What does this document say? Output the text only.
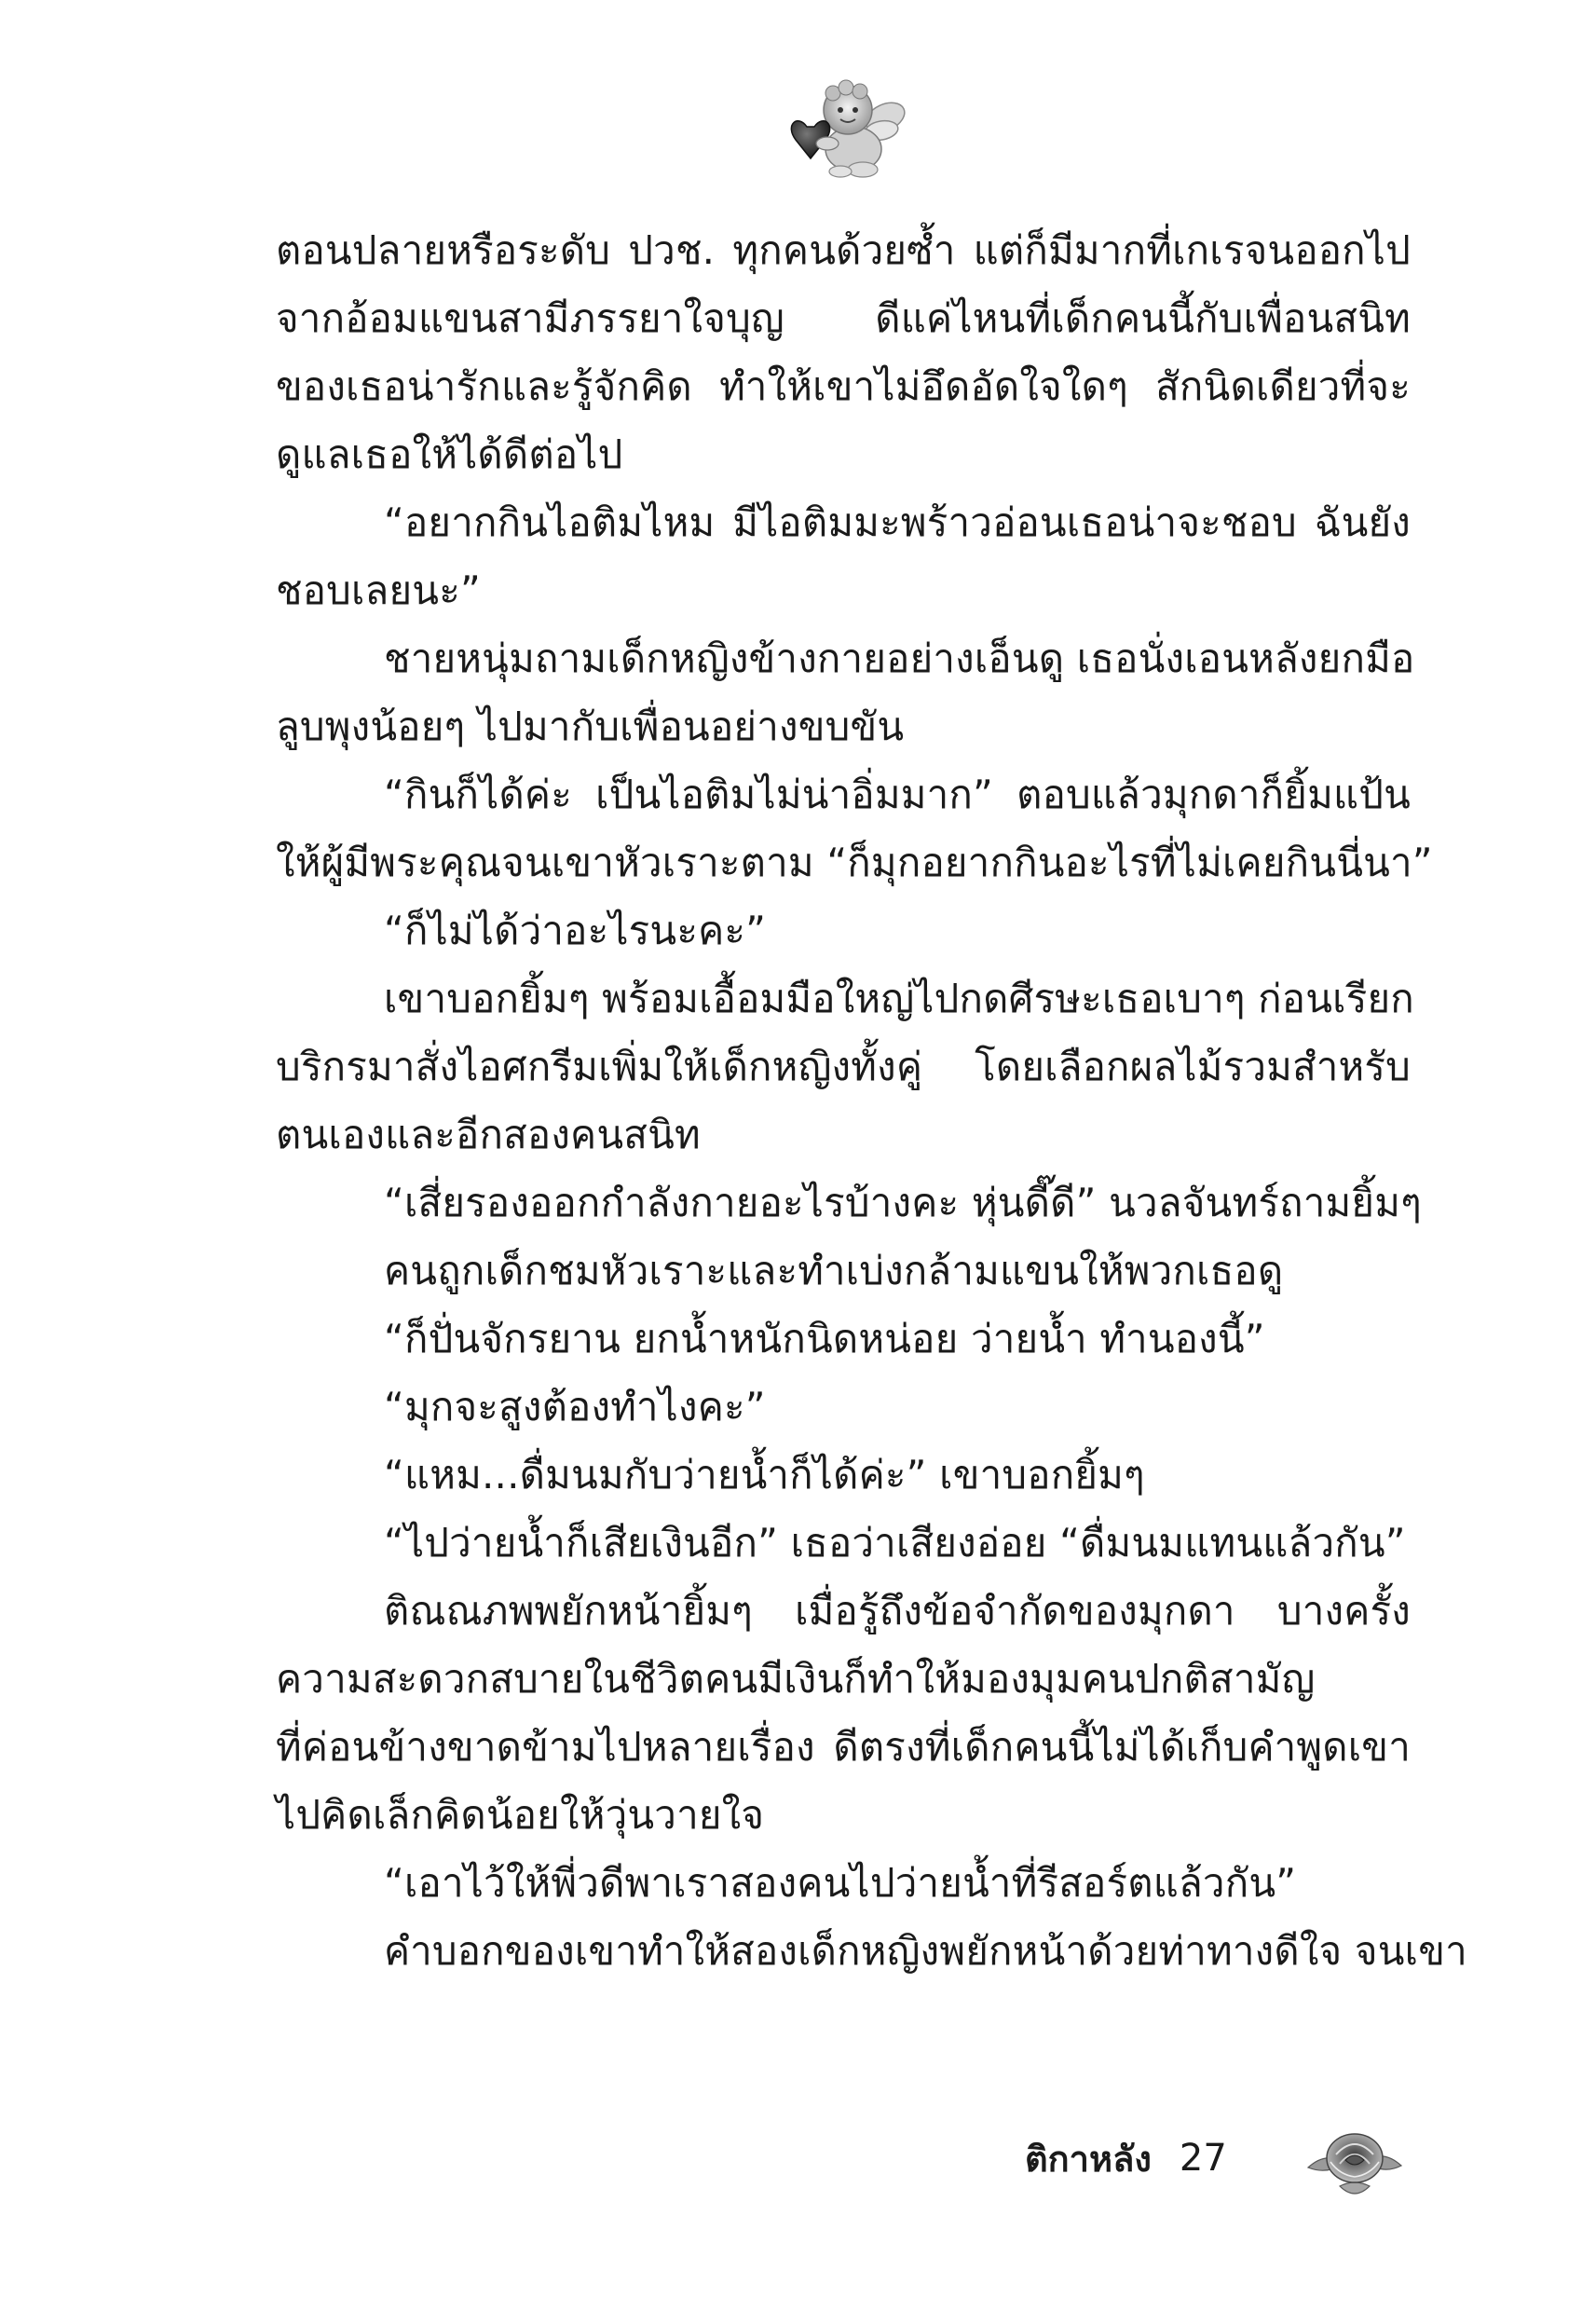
ตอนปลายหรือระดับ ปวช. ทุกคนด้วยซ้ำ แต่ก็มีมากที่เกเรจนออกไป
จากอ้อมแขนสามีภรรยาใจบุญ ดีแค่ไหนที่เด็กคนนี้กับเพื่อนสนิท
ของเธอน่ารักและรู้จักคิด ทำให้เขาไม่อึดอัดใจใดๆ สักนิดเดียวที่จะ
ดูแลเธอให้ได้ดีต่อไป
“อยากกินไอติมไหม มีไอติมมะพร้าวอ่อนเธอน่าจะชอบ ฉันยัง
ชอบเลยนะ”
ชายหนุ่มถามเด็กหญิงข้างกายอย่างเอ็นดู เธอนั่งเอนหลังยกมือ
ลูบพุงน้อยๆ ไปมากับเพื่อนอย่างขบขัน
“กินก็ได้ค่ะ เป็นไอติมไม่น่าอิ่มมาก” ตอบแล้วมุกดาก็ยิ้มแป้น
ให้ผู้มีพระคุณจนเขาหัวเราะตาม “ก็มุกอยากกินอะไรที่ไม่เคยกินนี่นา”
“ก็ไม่ได้ว่าอะไรนะคะ”
เขาบอกยิ้มๆ พร้อมเอื้อมมือใหญ่ไปกดศีรษะเธอเบาๆ ก่อนเรียก
บริกรมาสั่งไอศกรีมเพิ่มให้เด็กหญิงทั้งคู่ โดยเลือกผลไม้รวมสำหรับ
ตนเองและอีกสองคนสนิท
“เสี่ยรองออกกำลังกายอะไรบ้างคะ หุ่นดี๊ดี” นวลจันทร์ถามยิ้มๆ
คนถูกเด็กชมหัวเราะและทำเบ่งกล้ามแขนให้พวกเธอดู
“ก็ปั่นจักรยาน ยกน้ำหนักนิดหน่อย ว่ายน้ำ ทำนองนี้”
“มุกจะสูงต้องทำไงคะ”
“แหม...ดื่มนมกับว่ายน้ำก็ได้ค่ะ” เขาบอกยิ้มๆ
“ไปว่ายน้ำก็เสียเงินอีก” เธอว่าเสียงอ่อย “ดื่มนมแทนแล้วกัน”
ติณณภพพยักหน้ายิ้มๆ เมื่อรู้ถึงข้อจำกัดของมุกดา บางครั้ง
ความสะดวกสบายในชีวิตคนมีเงินก็ทำให้มองมุมคนปกติสามัญ
ที่ค่อนข้างขาดข้ามไปหลายเรื่อง ดีตรงที่เด็กคนนี้ไม่ได้เก็บคำพูดเขา
ไปคิดเล็กคิดน้อยให้วุ่นวายใจ
“เอาไว้ให้พี่วดีพาเราสองคนไปว่ายน้ำที่รีสอร์ตแล้วกัน”
คำบอกของเขาทำให้สองเด็กหญิงพยักหน้าด้วยท่าทางดีใจ จนเขา
ติกาหลัง 27
